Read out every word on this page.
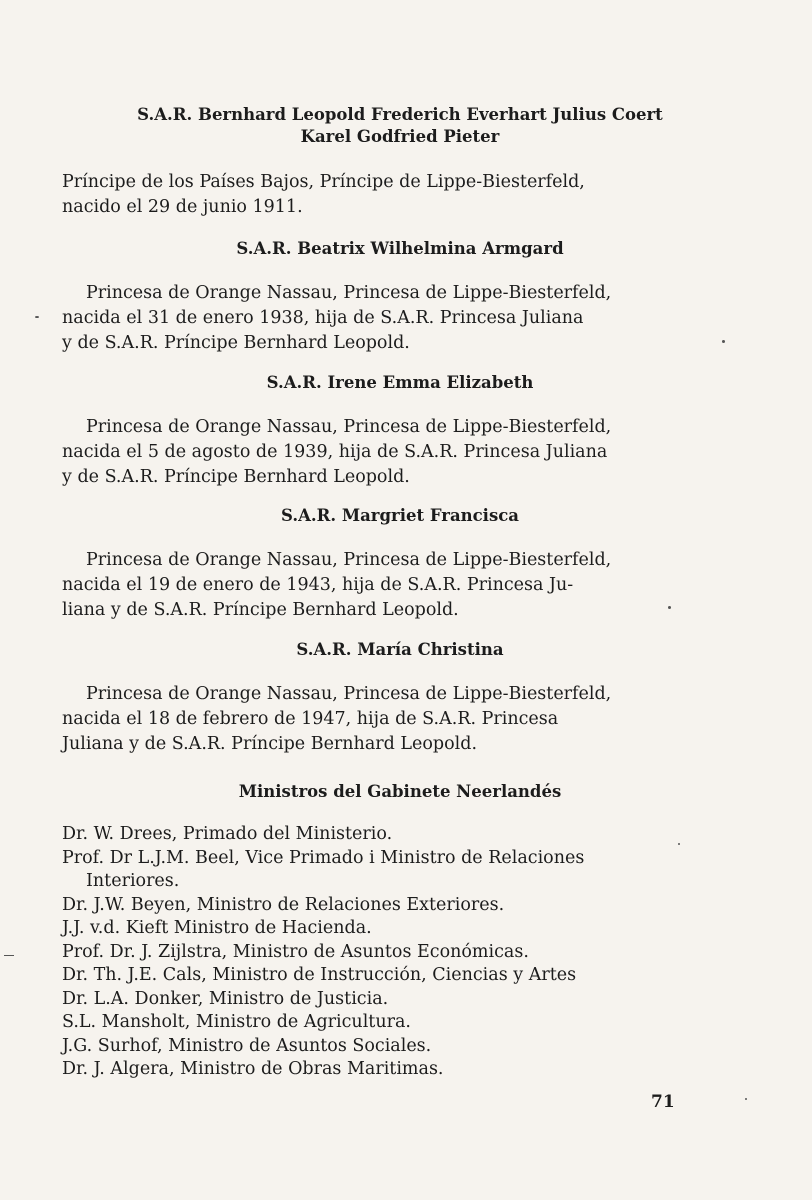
S.A.R. Bernhard Leopold Frederich Everhart Julius Coert
Karel Godfried Pieter

Príncipe de los Países Bajos, Príncipe de Lippe-Biesterfeld,
nacido el 29 de junio 1911.

S.A.R. Beatrix Wilhelmina Armgard

Princesa de Orange Nassau, Princesa de Lippe-Biesterfeld,
nacida el 31 de enero 1938, hija de S.A.R. Princesa Juliana
y de S.A.R. Príncipe Bernhard Leopold.

S.A.R. Irene Emma Elizabeth

Princesa de Orange Nassau, Princesa de Lippe-Biesterfeld,
nacida el 5 de agosto de 1939, hija de S.A.R. Princesa Juliana
y de S.A.R. Príncipe Bernhard Leopold.

S.A.R. Margriet Francisca

Princesa de Orange Nassau, Princesa de Lippe-Biesterfeld,
nacida el 19 de enero de 1943, hija de S.A.R. Princesa Ju-
liana y de S.A.R. Príncipe Bernhard Leopold.

S.A.R. María Christina

Princesa de Orange Nassau, Princesa de Lippe-Biesterfeld,
nacida el 18 de febrero de 1947, hija de S.A.R. Princesa
Juliana y de S.A.R. Príncipe Bernhard Leopold.

Ministros del Gabinete Neerlandés
Dr. W. Drees, Primado del Ministerio.
Prof. Dr L.J.M. Beel, Vice Primado i Ministro de Relaciones Interiores.
Dr. J.W. Beyen, Ministro de Relaciones Exteriores.
J.J. v.d. Kieft Ministro de Hacienda.
Prof. Dr. J. Zijlstra, Ministro de Asuntos Económicas.
Dr. Th. J.E. Cals, Ministro de Instrucción, Ciencias y Artes
Dr. L.A. Donker, Ministro de Justicia.
S.L. Mansholt, Ministro de Agricultura.
J.G. Surhof, Ministro de Asuntos Sociales.
Dr. J. Algera, Ministro de Obras Maritimas.
71
